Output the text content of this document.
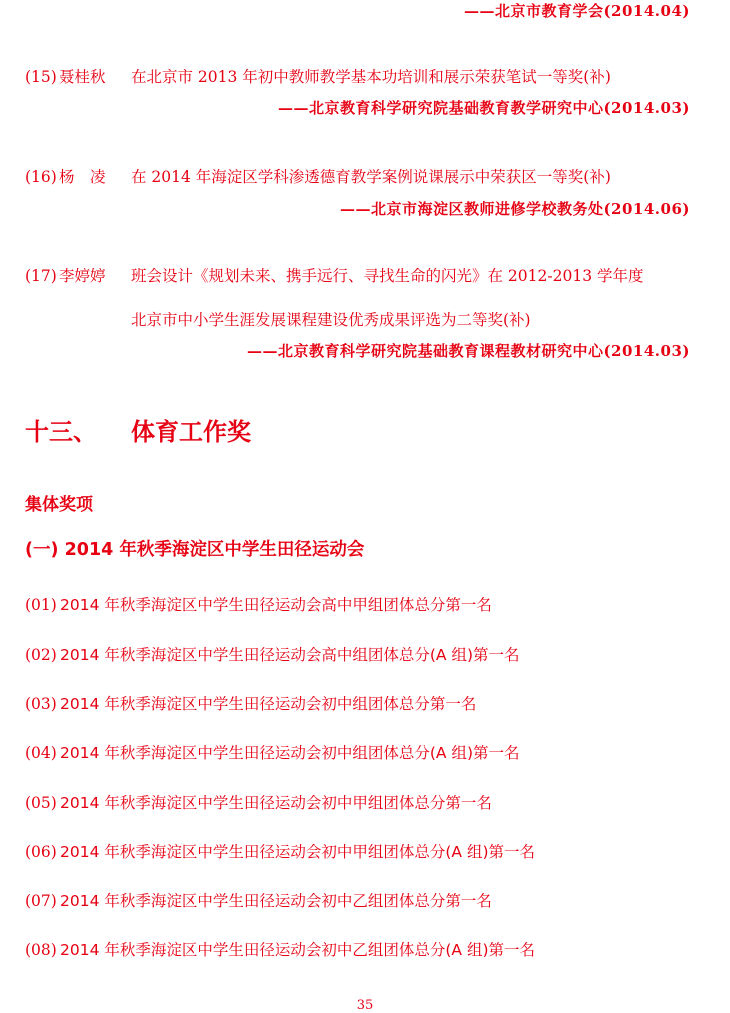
——北京市教育学会(2014.04)
(15) 聂桂秋 在北京市 2013 年初中教师教学基本功培训和展示荣获笔试一等奖(补)
——北京教育科学研究院基础教育教学研究中心(2014.03)
(16) 杨　凌 在 2014 年海淀区学科渗透德育教学案例说课展示中荣获区一等奖(补)
——北京市海淀区教师进修学校教务处(2014.06)
(17) 李婷婷 班会设计《规划未来、携手远行、寻找生命的闪光》在 2012-2013 学年度
北京市中小学生涯发展课程建设优秀成果评选为二等奖(补)
——北京教育科学研究院基础教育课程教材研究中心(2014.03)
十三、 体育工作奖
集体奖项
(一) 2014 年秋季海淀区中学生田径运动会
(01) 2014 年秋季海淀区中学生田径运动会高中甲组团体总分第一名
(02) 2014 年秋季海淀区中学生田径运动会高中组团体总分(A 组)第一名
(03) 2014 年秋季海淀区中学生田径运动会初中组团体总分第一名
(04) 2014 年秋季海淀区中学生田径运动会初中组团体总分(A 组)第一名
(05) 2014 年秋季海淀区中学生田径运动会初中甲组团体总分第一名
(06) 2014 年秋季海淀区中学生田径运动会初中甲组团体总分(A 组)第一名
(07) 2014 年秋季海淀区中学生田径运动会初中乙组团体总分第一名
(08) 2014 年秋季海淀区中学生田径运动会初中乙组团体总分(A 组)第一名
35
